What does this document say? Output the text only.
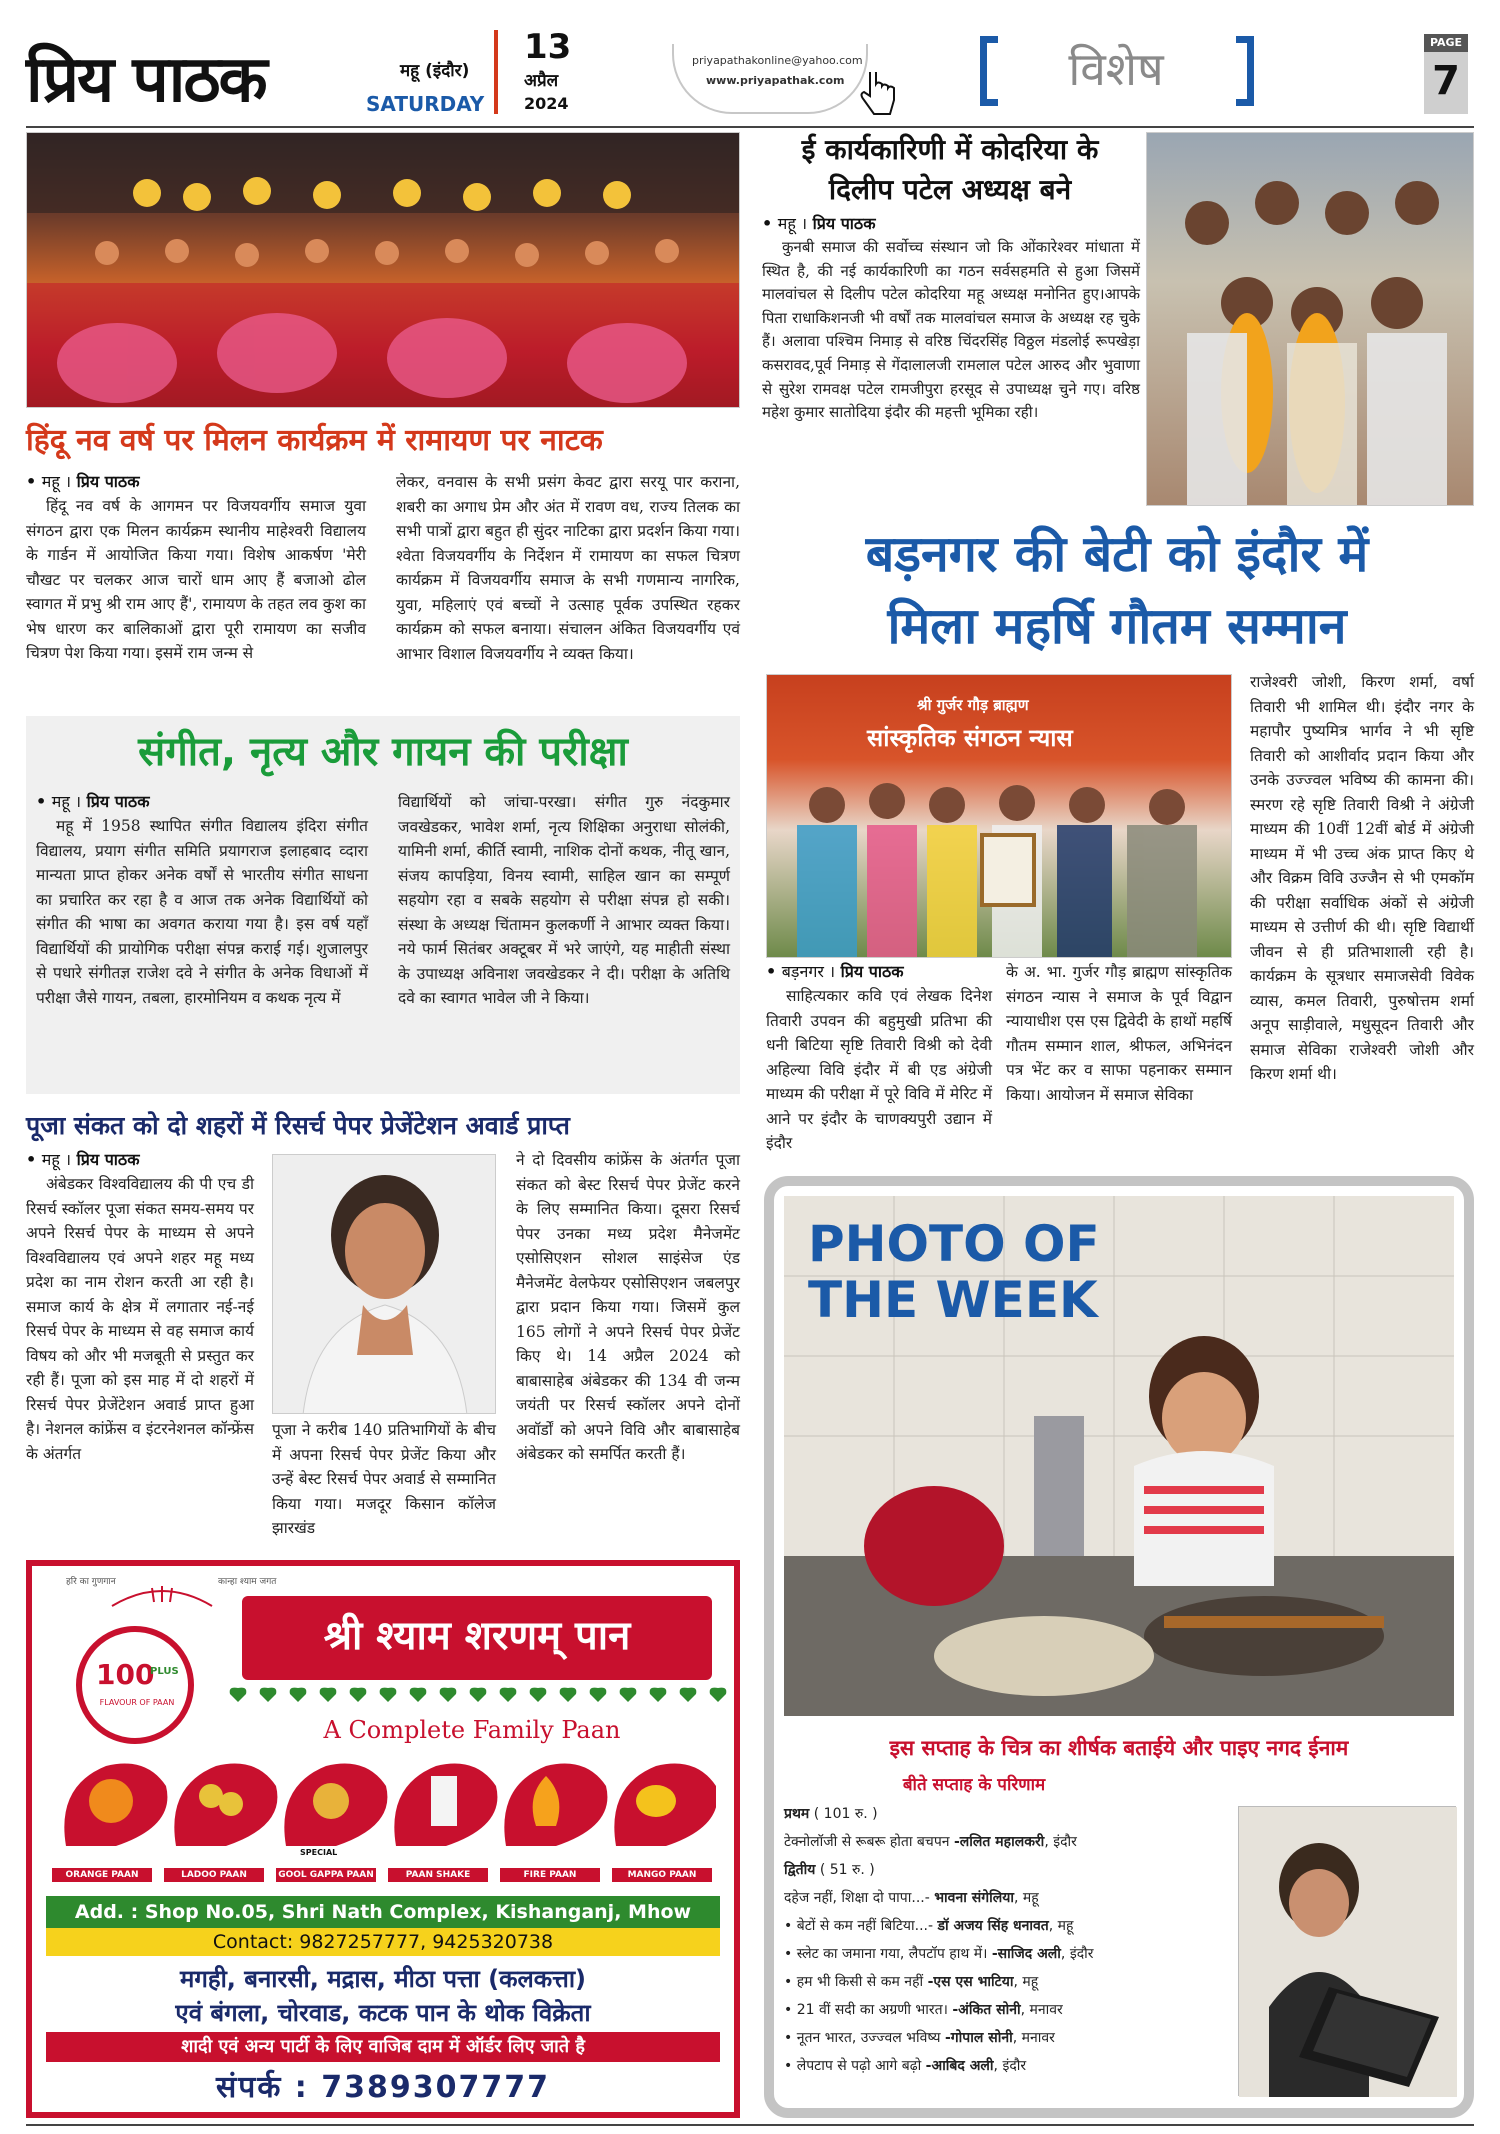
प्रिय पाठक	महू (इंदौर)
SATURDAY
13
अप्रैल
2024
priyapathakonline@yahoo.com
www.priyapathak.com	विशेष	PAGE
7
हिंदू नव वर्ष पर मिलन कार्यक्रम में रामायण पर नाटक
• महू । प्रिय पाठक

हिंदू नव वर्ष के आगमन पर विजयवर्गीय समाज युवा संगठन द्वारा एक मिलन कार्यक्रम स्थानीय माहेश्वरी विद्यालय के गार्डन में आयोजित किया गया। विशेष आकर्षण 'मेरी चौखट पर चलकर आज चारों धाम आए हैं बजाओ ढोल स्वागत में प्रभु श्री राम आए हैं', रामायण के तहत लव कुश का भेष धारण कर बालिकाओं द्वारा पूरी रामायण का सजीव चित्रण पेश किया गया। इसमें राम जन्म से

लेकर, वनवास के सभी प्रसंग केवट द्वारा सरयू पार कराना, शबरी का अगाध प्रेम और अंत में रावण वध, राज्य तिलक का सभी पात्रों द्वारा बहुत ही सुंदर नाटिका द्वारा प्रदर्शन किया गया। श्वेता विजयवर्गीय के निर्देशन में रामायण का सफल चित्रण कार्यक्रम में विजयवर्गीय समाज के सभी गणमान्य नागरिक, युवा, महिलाएं एवं बच्चों ने उत्साह पूर्वक उपस्थित रहकर कार्यक्रम को सफल बनाया। संचालन अंकित विजयवर्गीय एवं आभार विशाल विजयवर्गीय ने व्यक्त किया।

संगीत, नृत्य और गायन की परीक्षा
• महू । प्रिय पाठक

महू में 1958 स्थापित संगीत विद्यालय इंदिरा संगीत विद्यालय, प्रयाग संगीत समिति प्रयागराज इलाहबाद व्दारा मान्यता प्राप्त होकर अनेक वर्षों से भारतीय संगीत साधना का प्रचारित कर रहा है व आज तक अनेक विद्यार्थियों को संगीत की भाषा का अवगत कराया गया है। इस वर्ष यहाँ विद्यार्थियों की प्रायोगिक परीक्षा संपन्न कराई गई। शुजालपुर से पधारे संगीतज्ञ राजेश दवे ने संगीत के अनेक विधाओं में परीक्षा जैसे गायन, तबला, हारमोनियम व कथक नृत्य में

विद्यार्थियों को जांचा-परखा। संगीत गुरु नंदकुमार जवखेडकर, भावेश शर्मा, नृत्य शिक्षिका अनुराधा सोलंकी, यामिनी शर्मा, कीर्ति स्वामी, नाशिक दोनों कथक, नीतू खान, संजय कापड़िया, विनय स्वामी, साहिल खान का सम्पूर्ण सहयोग रहा व सबके सहयोग से परीक्षा संपन्न हो सकी। संस्था के अध्यक्ष चिंतामन कुलकर्णी ने आभार व्यक्त किया। नये फार्म सितंबर अक्टूबर में भरे जाएंगे, यह माहीती संस्था के उपाध्यक्ष अविनाश जवखेडकर ने दी। परीक्षा के अतिथि दवे का स्वागत भावेल जी ने किया।

पूजा संकत को दो शहरों में रिसर्च पेपर प्रेजेंटेशन अवार्ड प्राप्त
• महू । प्रिय पाठक

अंबेडकर विश्वविद्यालय की पी एच डी रिसर्च स्कॉलर पूजा संकत समय-समय पर अपने रिसर्च पेपर के माध्यम से अपने विश्वविद्यालय एवं अपने शहर महू मध्य प्रदेश का नाम रोशन करती आ रही है। समाज कार्य के क्षेत्र में लगातार नई-नई रिसर्च पेपर के माध्यम से वह समाज कार्य विषय को और भी मजबूती से प्रस्तुत कर रही हैं। पूजा को इस माह में दो शहरों में रिसर्च पेपर प्रेजेंटेशन अवार्ड प्राप्त हुआ है। नेशनल कांफ्रेंस व इंटरनेशनल कॉन्फ्रेंस के अंतर्गत

पूजा ने करीब 140 प्रतिभागियों के बीच में अपना रिसर्च पेपर प्रेजेंट किया और उन्हें बेस्ट रिसर्च पेपर अवार्ड से सम्मानित किया गया। मजदूर किसान कॉलेज झारखंड

ने दो दिवसीय कांफ्रेंस के अंतर्गत पूजा संकत को बेस्ट रिसर्च पेपर प्रेजेंट करने के लिए सम्मानित किया। दूसरा रिसर्च पेपर उनका मध्य प्रदेश मैनेजमेंट एसोसिएशन सोशल साइंसेज एंड मैनेजमेंट वेलफेयर एसोसिएशन जबलपुर द्वारा प्रदान किया गया। जिसमें कुल 165 लोगों ने अपने रिसर्च पेपर प्रेजेंट किए थे। 14 अप्रैल 2024 को बाबासाहेब अंबेडकर की 134 वी जन्म जयंती पर रिसर्च स्कॉलर अपने दोनों अवॉर्डों को अपने विवि और बाबासाहेब अंबेडकर को समर्पित करती हैं।

ई कार्यकारिणी में कोदरिया के
दिलीप पटेल अध्यक्ष बने
• महू । प्रिय पाठक

कुनबी समाज की सर्वोच्च संस्थान जो कि ओंकारेश्वर मांधाता में स्थित है, की नई कार्यकारिणी का गठन सर्वसहमति से हुआ जिसमें मालवांचल से दिलीप पटेल कोदरिया महू अध्यक्ष मनोनित हुए।आपके पिता राधाकिशनजी भी वर्षों तक मालवांचल समाज के अध्यक्ष रह चुके हैं। अलावा पश्चिम निमाड़ से वरिष्ठ चिंदरसिंह विठ्ठल मंडलोई रूपखेड़ा कसरावद,पूर्व निमाड़ से गेंदालालजी रामलाल पटेल आरुद और भुवाणा से सुरेश रामवक्ष पटेल रामजीपुरा हरसूद से उपाध्यक्ष चुने गए। वरिष्ठ महेश कुमार सातोदिया इंदौर की महत्ती भूमिका रही।

बड़नगर की बेटी को इंदौर में
मिला महर्षि गौतम सम्मान
श्री गुर्जर गौड़ ब्राह्मण
सांस्कृतिक संगठन न्यास
• बड़नगर । प्रिय पाठक

साहित्यकार कवि एवं लेखक दिनेश तिवारी उपवन की बहुमुखी प्रतिभा की धनी बिटिया सृष्टि तिवारी विश्री को देवी अहिल्या विवि इंदौर में बी एड अंग्रेजी माध्यम की परीक्षा में पूरे विवि में मेरिट में आने पर इंदौर के चाणक्यपुरी उद्यान में इंदौर

के अ. भा. गुर्जर गौड़ ब्राह्मण सांस्कृतिक संगठन न्यास ने समाज के पूर्व विद्वान न्यायाधीश एस एस द्विवेदी के हाथों महर्षि गौतम सम्मान शाल, श्रीफल, अभिनंदन पत्र भेंट कर व साफा पहनाकर सम्मान किया। आयोजन में समाज सेविका

राजेश्वरी जोशी, किरण शर्मा, वर्षा तिवारी भी शामिल थी। इंदौर नगर के महापौर पुष्यमित्र भार्गव ने भी सृष्टि तिवारी को आशीर्वाद प्रदान किया और उनके उज्ज्वल भविष्य की कामना की। स्मरण रहे सृष्टि तिवारी विश्री ने अंग्रेजी माध्यम की 10वीं 12वीं बोर्ड में अंग्रेजी माध्यम में भी उच्च अंक प्राप्त किए थे और विक्रम विवि उज्जैन से भी एमकॉम की परीक्षा सर्वाधिक अंकों से अंग्रेजी माध्यम से उत्तीर्ण की थी। सृष्टि विद्यार्थी जीवन से ही प्रतिभाशाली रही है। कार्यक्रम के सूत्रधार समाजसेवी विवेक व्यास, कमल तिवारी, पुरुषोत्तम शर्मा अनूप साड़ीवाले, मधुसूदन तिवारी और समाज सेविका राजेश्वरी जोशी और किरण शर्मा थी।

हरि का गुणगान	कान्हा श्याम जगत
श्री श्याम शरणम् पान
100
PLUS
FLAVOUR OF PAAN
A Complete Family Paan
SPECIAL
ORANGE PAAN	LADOO PAAN	GOOL GAPPA PAAN	PAAN SHAKE	FIRE PAAN	MANGO PAAN
Add. : Shop No.05, Shri Nath Complex, Kishanganj, Mhow
Contact: 9827257777, 9425320738
मगही, बनारसी, मद्रास, मीठा पत्ता (कलकत्ता)
एवं बंगला, चोरवाड, कटक पान के थोक विक्रेता
शादी एवं अन्य पार्टी के लिए वाजिब दाम में ऑर्डर लिए जाते है
संपर्क : 7389307777
PHOTO OF
THE WEEK
इस सप्ताह के चित्र का शीर्षक बताईये और पाइए नगद ईनाम
बीते सप्ताह के परिणाम
प्रथम ( 101 रु. )
टेक्नोलॉजी से रूबरू होता बचपन -ललित महालकरी, इंदौर
द्वितीय ( 51 रु. )
दहेज नहीं, शिक्षा दो पापा...- भावना संगेलिया, महू
• बेटों से कम नहीं बिटिया...- डॉ अजय सिंह धनावत, महू
• स्लेट का जमाना गया, लैपटॉप हाथ में। -साजिद अली, इंदौर
• हम भी किसी से कम नहीं -एस एस भाटिया, महू
• 21 वीं सदी का अग्रणी भारत। -अंकित सोनी, मनावर
• नूतन भारत, उज्ज्वल भविष्य -गोपाल सोनी, मनावर
• लेपटाप से पढ़ो आगे बढ़ो -आबिद अली, इंदौर
